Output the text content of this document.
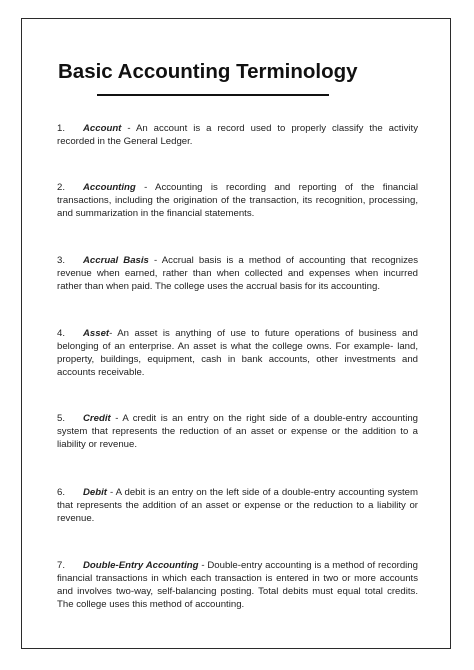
Basic Accounting Terminology

1. Account - An account is a record used to properly classify the activity recorded in the General Ledger.

2. Accounting - Accounting is recording and reporting of the financial transactions, including the origination of the transaction, its recognition, processing, and summarization in the financial statements.

3. Accrual Basis - Accrual basis is a method of accounting that recognizes revenue when earned, rather than when collected and expenses when incurred rather than when paid. The college uses the accrual basis for its accounting.

4. Asset- An asset is anything of use to future operations of business and belonging of an enterprise. An asset is what the college owns. For example- land, property, buildings, equipment, cash in bank accounts, other investments and accounts receivable.

5. Credit - A credit is an entry on the right side of a double-entry accounting system that represents the reduction of an asset or expense or the addition to a liability or revenue.

6. Debit - A debit is an entry on the left side of a double-entry accounting system that represents the addition of an asset or expense or the reduction to a liability or revenue.

7. Double-Entry Accounting - Double-entry accounting is a method of recording financial transactions in which each transaction is entered in two or more accounts and involves two-way, self-balancing posting. Total debits must equal total credits. The college uses this method of accounting.
